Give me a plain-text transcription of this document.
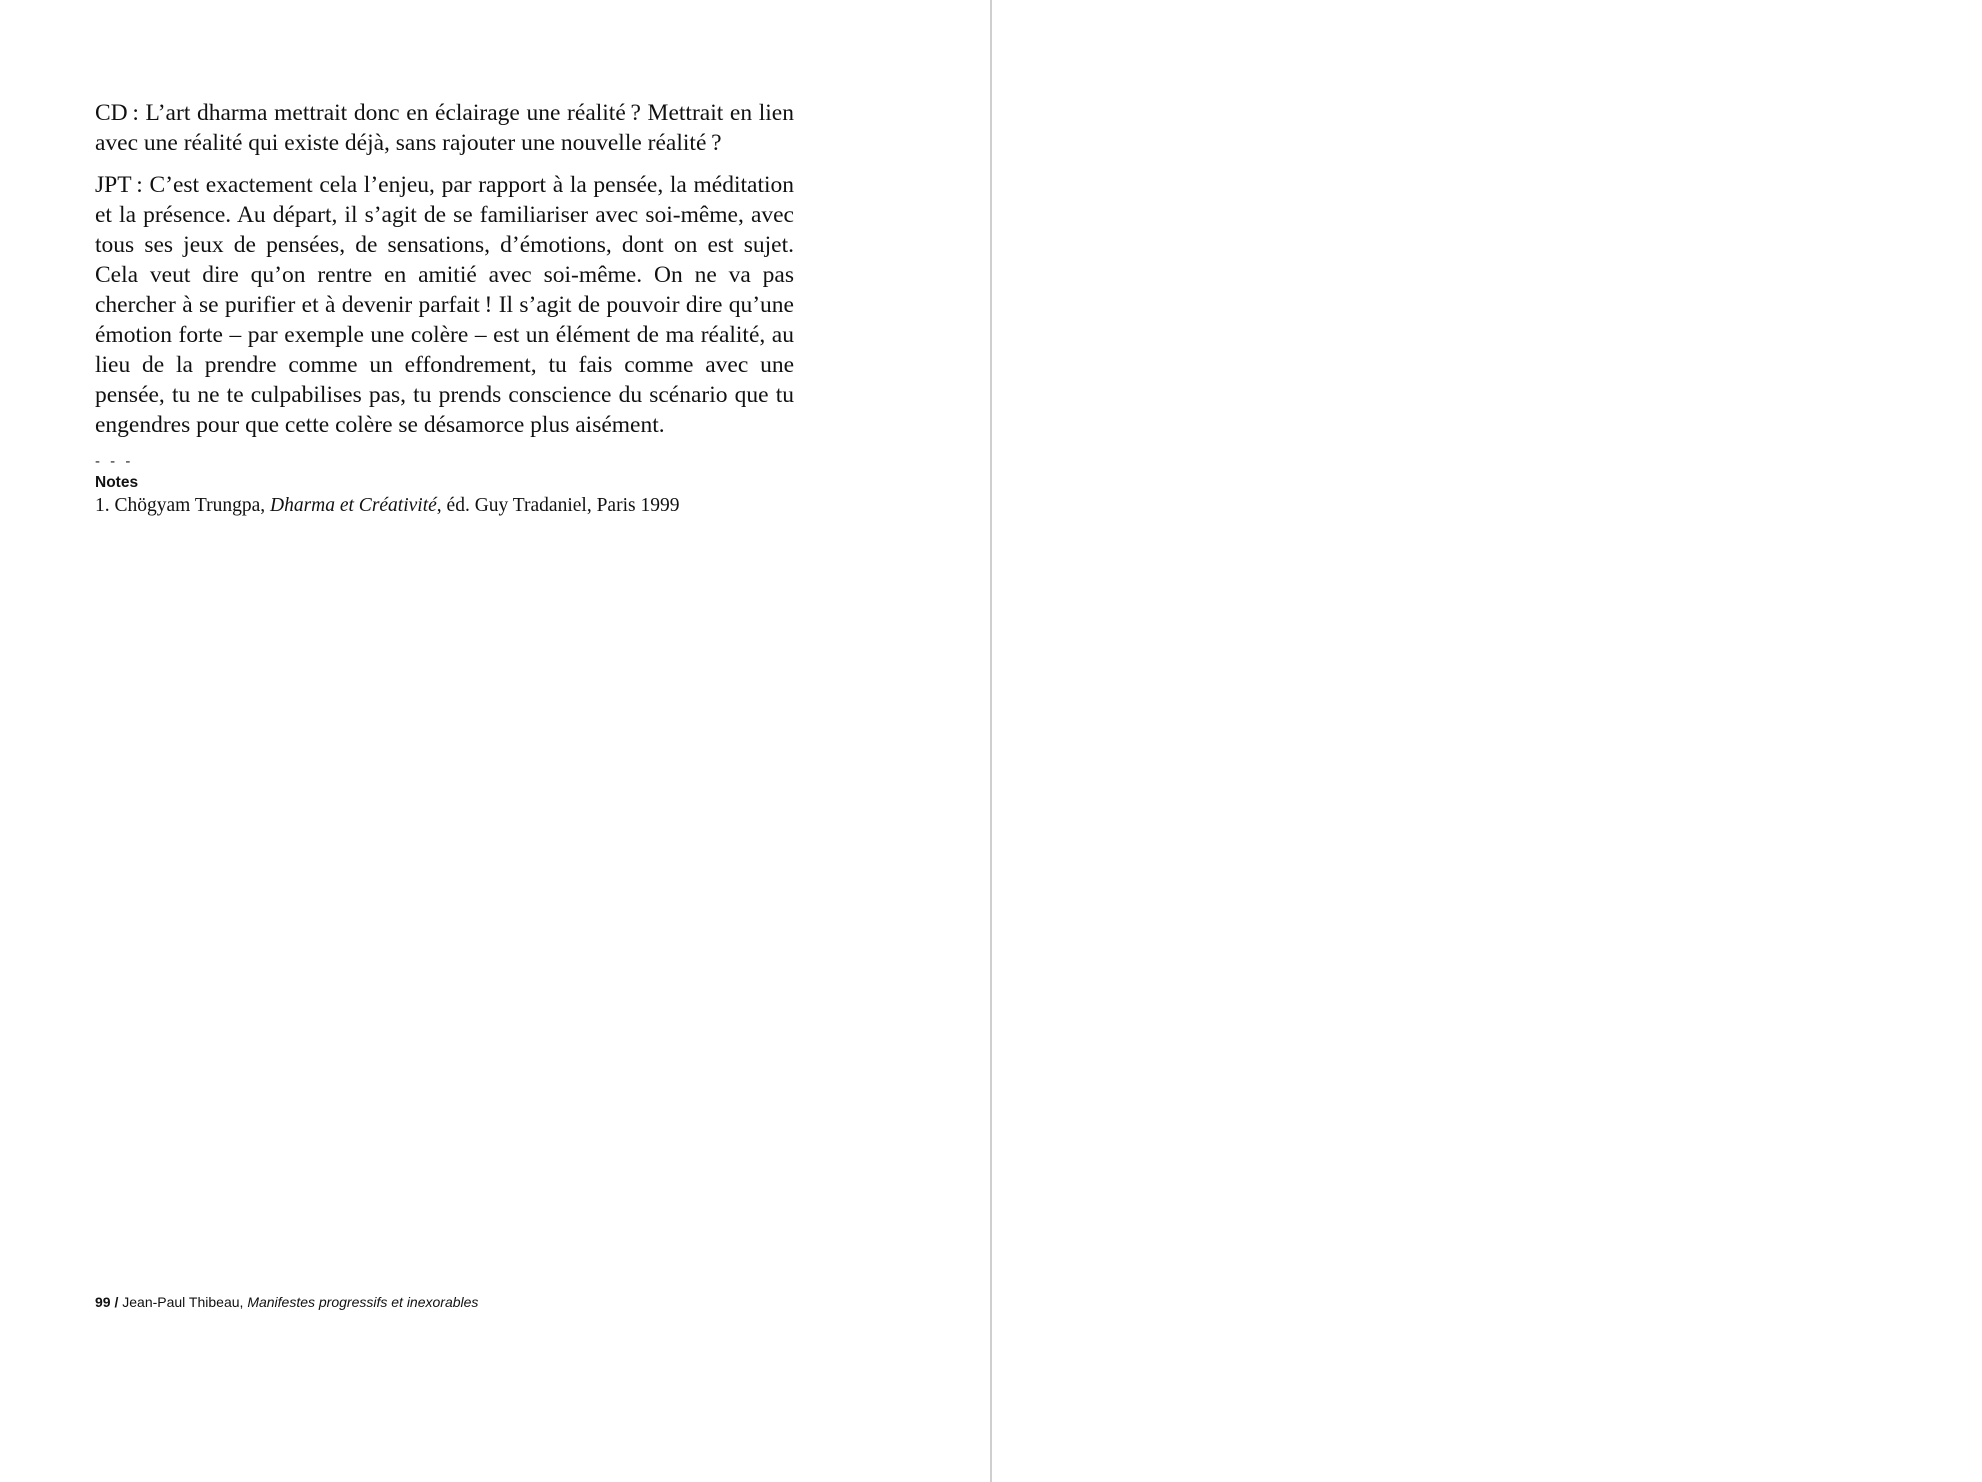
CD : L’art dharma mettrait donc en éclairage une réalité ? Mettrait en lien avec une réalité qui existe déjà, sans rajouter une nouvelle réalité ?

JPT : C’est exactement cela l’enjeu, par rapport à la pensée, la méditation et la présence. Au départ, il s’agit de se familiariser avec soi-même, avec tous ses jeux de pensées, de sensations, d’émotions, dont on est sujet. Cela veut dire qu’on rentre en amitié avec soi-même. On ne va pas chercher à se purifier et à devenir parfait ! Il s’agit de pouvoir dire qu’une émotion forte – par exemple une colère – est un élément de ma réalité, au lieu de la prendre comme un effondrement, tu fais comme avec une pensée, tu ne te culpabilises pas, tu prends conscience du scénario que tu engendres pour que cette colère se désamorce plus aisément.

- - -
Notes
1. Chögyam Trungpa, Dharma et Créativité, éd. Guy Tradaniel, Paris 1999
99 / Jean-Paul Thibeau, Manifestes progressifs et inexorables
